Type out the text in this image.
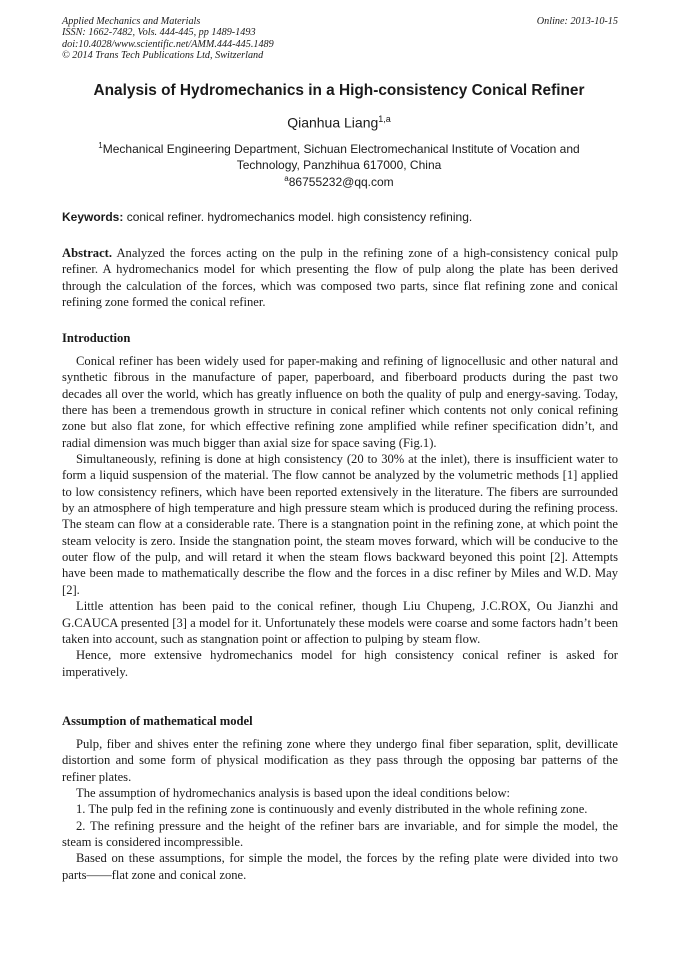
Applied Mechanics and Materials
ISSN: 1662-7482, Vols. 444-445, pp 1489-1493
doi:10.4028/www.scientific.net/AMM.444-445.1489
© 2014 Trans Tech Publications Ltd, Switzerland
Online: 2013-10-15
Analysis of Hydromechanics in a High-consistency Conical Refiner
Qianhua Liang$^{1,a}$
$^1$Mechanical Engineering Department, Sichuan Electromechanical Institute of Vocation and Technology, Panzhihua 617000, China
$^a$86755232@qq.com
Keywords: conical refiner. hydromechanics model. high consistency refining.
Abstract. Analyzed the forces acting on the pulp in the refining zone of a high-consistency conical pulp refiner. A hydromechanics model for which presenting the flow of pulp along the plate has been derived through the calculation of the forces, which was composed two parts, since flat refining zone and conical refining zone formed the conical refiner.
Introduction

Conical refiner has been widely used for paper-making and refining of lignocellusic and other natural and synthetic fibrous in the manufacture of paper, paperboard, and fiberboard products during the past two decades all over the world, which has greatly influence on both the quality of pulp and energy-saving. Today, there has been a tremendous growth in structure in conical refiner which contents not only conical refining zone but also flat zone, for which effective refining zone amplified while refiner specification didn’t, and radial dimension was much bigger than axial size for space saving (Fig.1).

Simultaneously, refining is done at high consistency (20 to 30% at the inlet), there is insufficient water to form a liquid suspension of the material. The flow cannot be analyzed by the volumetric methods [1] applied to low consistency refiners, which have been reported extensively in the literature. The fibers are surrounded by an atmosphere of high temperature and high pressure steam which is produced during the refining process. The steam can flow at a considerable rate. There is a stangnation point in the refining zone, at which point the steam velocity is zero. Inside the stangnation point, the steam moves forward, which will be conducive to the outer flow of the pulp, and will retard it when the steam flows backward beyoned this point [2]. Attempts have been made to mathematically describe the flow and the forces in a disc refiner by Miles and W.D. May [2].

Little attention has been paid to the conical refiner, though Liu Chupeng, J.C.ROX, Ou Jianzhi and G.CAUCA presented [3] a model for it. Unfortunately these models were coarse and some factors hadn’t been taken into account, such as stangnation point or affection to pulping by steam flow.

Hence, more extensive hydromechanics model for high consistency conical refiner is asked for imperatively.

Assumption of mathematical model

Pulp, fiber and shives enter the refining zone where they undergo final fiber separation, split, devillicate distortion and some form of physical modification as they pass through the opposing bar patterns of the refiner plates.

The assumption of hydromechanics analysis is based upon the ideal conditions below:

1. The pulp fed in the refining zone is continuously and evenly distributed in the whole refining zone.

2. The refining pressure and the height of the refiner bars are invariable, and for simple the model, the steam is considered incompressible.

Based on these assumptions, for simple the model, the forces by the refing plate were divided into two parts——flat zone and conical zone.
